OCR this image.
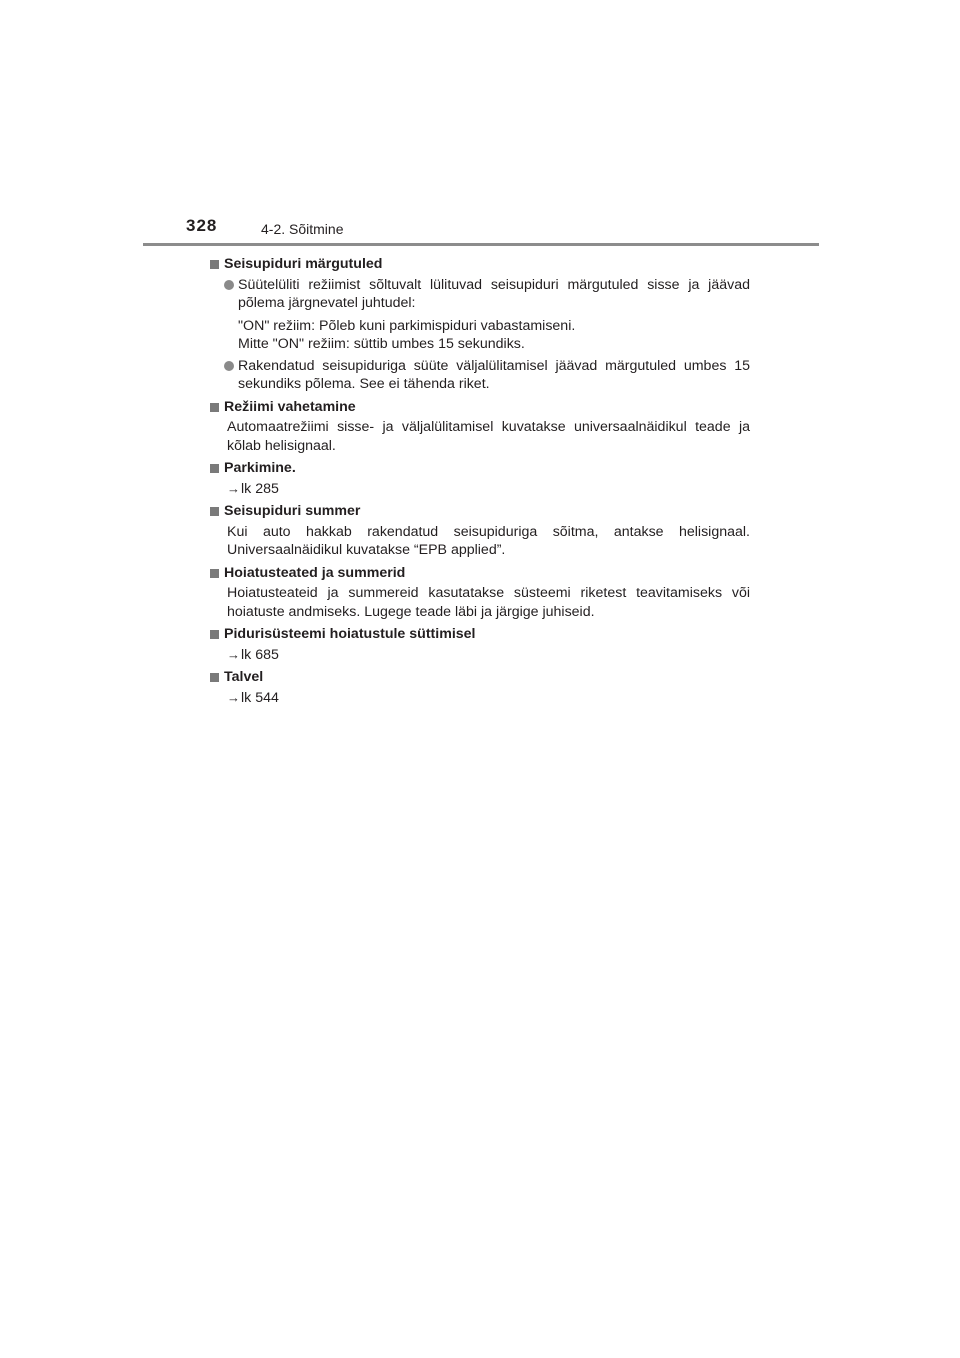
328	4-2. Sõitmine
Seisupiduri märgutuled
Süütelüliti režiimist sõltuvalt lülituvad seisupiduri märgutuled sisse ja jäävad põlema järgnevatel juhtudel:
"ON" režiim: Põleb kuni parkimispiduri vabastamiseni.
Mitte "ON" režiim: süttib umbes 15 sekundiks.
Rakendatud seisupiduriga süüte väljalülitamisel jäävad märgutuled umbes 15 sekundiks põlema. See ei tähenda riket.
Režiimi vahetamine
Automaatrežiimi sisse- ja väljalülitamisel kuvatakse universaalnäidikul teade ja kõlab helisignaal.
Parkimine.
→lk 285
Seisupiduri summer
Kui auto hakkab rakendatud seisupiduriga sõitma, antakse helisignaal. Universaalnäidikul kuvatakse “EPB applied”.
Hoiatusteated ja summerid
Hoiatusteateid ja summereid kasutatakse süsteemi riketest teavitamiseks või hoiatuste andmiseks. Lugege teade läbi ja järgige juhiseid.
Pidurisüsteemi hoiatustule süttimisel
→lk 685
Talvel
→lk 544
